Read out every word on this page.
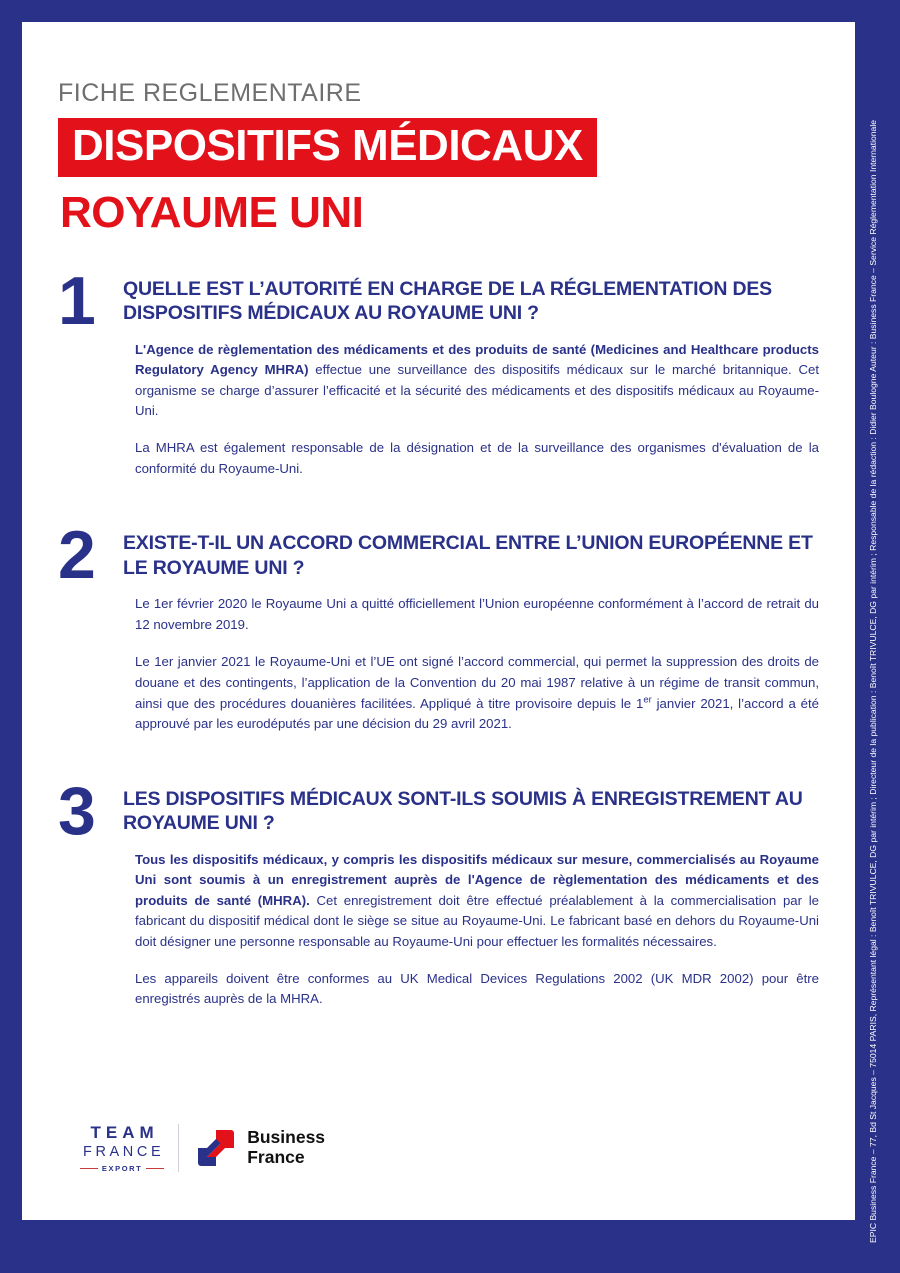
EPIC Business France – 77, Bd St Jacques – 75014 PARIS, Représentant légal : Benoît TRIVULCE, DG par intérim ; Directeur de la publication : Benoît TRIVULCE, DG par intérim ; Responsable de la rédaction : Didier Boulogne Auteur : Business France – Service Réglementation Internationale
FICHE REGLEMENTAIRE
DISPOSITIFS MÉDICAUX
ROYAUME UNI
1	QUELLE EST L’AUTORITÉ EN CHARGE DE LA RÉGLEMENTATION DES DISPOSITIFS MÉDICAUX AU ROYAUME UNI ?

L'Agence de règlementation des médicaments et des produits de santé (Medicines and Healthcare products Regulatory Agency MHRA) effectue une surveillance des dispositifs médicaux sur le marché britannique. Cet organisme se charge d’assurer l’efficacité et la sécurité des médicaments et des dispositifs médicaux au Royaume-Uni.

La MHRA est également responsable de la désignation et de la surveillance des organismes d'évaluation de la conformité du Royaume-Uni.

2	EXISTE-T-IL UN ACCORD COMMERCIAL ENTRE L’UNION EUROPÉENNE ET LE ROYAUME UNI ?

Le 1er février 2020 le Royaume Uni a quitté officiellement l’Union européenne conformément à l’accord de retrait du 12 novembre 2019.

Le 1er janvier 2021 le Royaume-Uni et l’UE ont signé l’accord commercial, qui permet la suppression des droits de douane et des contingents, l’application de la Convention du 20 mai 1987 relative à un régime de transit commun, ainsi que des procédures douanières facilitées. Appliqué à titre provisoire depuis le 1er janvier 2021, l’accord a été approuvé par les eurodéputés par une décision du 29 avril 2021.

3	LES DISPOSITIFS MÉDICAUX SONT-ILS SOUMIS À ENREGISTREMENT AU ROYAUME UNI ?

Tous les dispositifs médicaux, y compris les dispositifs médicaux sur mesure, commercialisés au Royaume Uni sont soumis à un enregistrement auprès de l'Agence de règlementation des médicaments et des produits de santé (MHRA). Cet enregistrement doit être effectué préalablement à la commercialisation par le fabricant du dispositif médical dont le siège se situe au Royaume-Uni. Le fabricant basé en dehors du Royaume-Uni doit désigner une personne responsable au Royaume-Uni pour effectuer les formalités nécessaires.

Les appareils doivent être conformes au UK Medical Devices Regulations 2002 (UK MDR 2002) pour être enregistrés auprès de la MHRA.

TEAM
FRANCE
EXPORT
Business
France
